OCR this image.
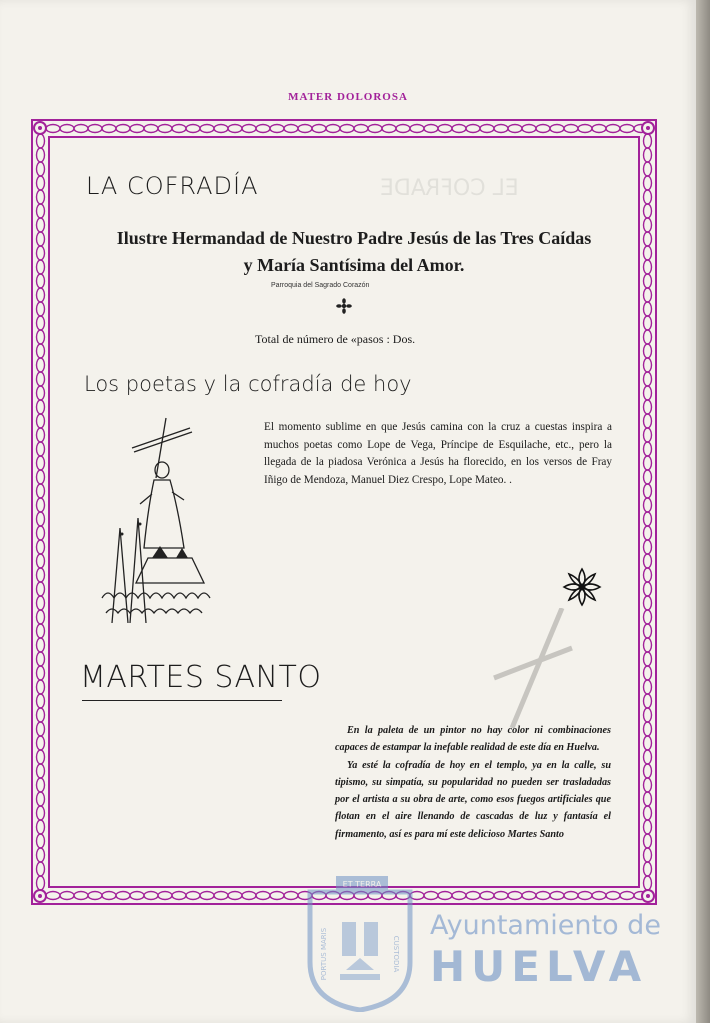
MATER DOLOROSA
EL COFRADE
LA COFRADÍA
Ilustre Hermandad de Nuestro Padre Jesús de las Tres Caídas
y María Santísima del Amor.
Parroquia del Sagrado Corazón
Total de número de «pasos : Dos.
Los poetas y la cofradía de hoy
El momento sublime en que Jesús camina con la cruz a cuestas inspira a muchos poetas como Lope de Vega, Príncipe de Esquilache, etc., pero la llegada de la piadosa Verónica a Jesús ha florecido, en los versos de Fray Iñigo de Mendoza, Manuel Diez Crespo, Lope Mateo. .
MARTES SANTO

En la paleta de un pintor no hay color ni combinaciones capaces de estampar la inefable realidad de este día en Huelva.

Ya esté la cofradía de hoy en el templo, ya en la calle, su tipismo, su simpatía, su popularidad no pueden ser trasladadas por el artista a su obra de arte, como esos fuegos artificiales que flotan en el aire llenando de cascadas de luz y fantasía el firmamento, así es para mí este delicioso Martes Santo

ET TERRA
PORTUS MARIS	CUSTODIA
Ayuntamiento de
HUELVA
